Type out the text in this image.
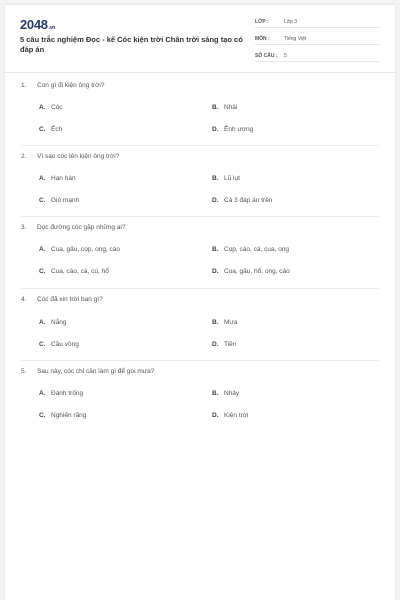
2048.vn
5 câu trắc nghiệm Đọc - kể Cóc kiện trời Chân trời sáng tạo có đáp án
LỚP :	Lớp 3
MÔN :	Tiếng Việt
SỐ CÂU : 5
1. Con gì đi kiện ông trời?
A. Cóc	B. Nhái
C. Ếch	D. Ễnh ương
2. Vì sao cóc lên kiện ông trời?
A. Hạn hán	B. Lũ lụt
C. Gió mạnh	D. Cả 3 đáp án trên
3. Dọc đường cóc gặp những ai?
A. Cua, gấu, cọp, ong, cáo	B. Cọp, cáo, cá, cua, ong
C. Cua, cáo, cá, cú, hổ	D. Cua, gấu, hổ, ong, cáo
4. Cóc đã xin trời ban gì?
A. Nắng	B. Mưa
C. Cầu vồng	D. Tiền
5. Sau này, cóc chỉ cần làm gì để gọi mưa?
A. Đánh trống	B. Nhảy
C. Nghiến răng	D. Kiện trời
